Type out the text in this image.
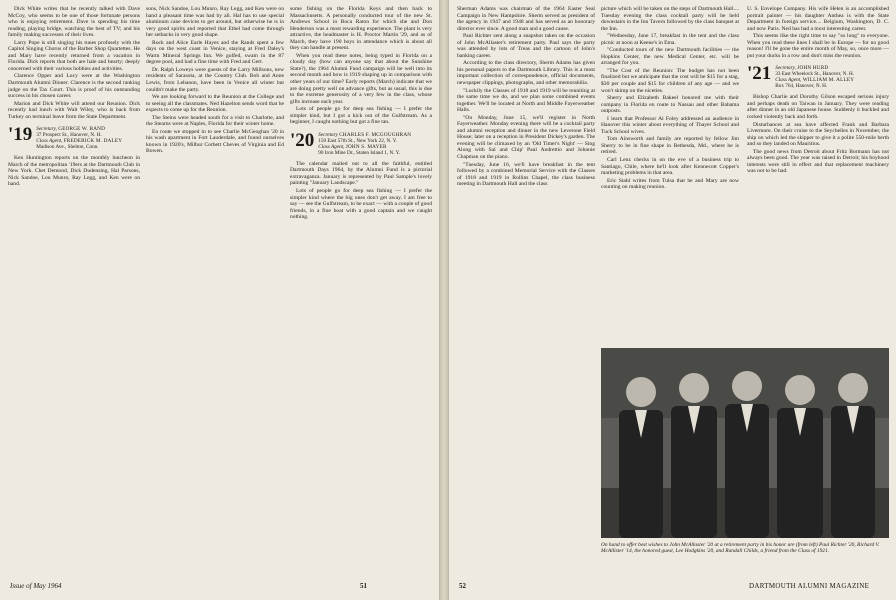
Dick White writes that he recently talked with Dave McCoy, who seems to be one of those fortunate persons who is enjoying retirement. Dave is spending his time reading, playing bridge, watching the best of TV; and his family making successes of their lives.

Larry Pope is still singing his tunes profusely with the Capitol Singing Chorus of the Barber Shop Quartettes. He and Mary have recently returned from a vacation in Florida. Dick reports that both are hale and hearty; deeply concerned with their various hobbies and activities.

Clarence Opper and Lucy were at the Washington Dartmouth Alumni Dinner. Clarence is the second ranking judge on the Tax Court. This is proof of his outstanding success in his chosen career.

Marion and Dick White will attend our Reunion. Dick recently had lunch with Walt Wiley, who is back from Turkey on terminal leave from the State Department.

'19 Secretary, GEORGE W. BAND
37 Prospect St., Hanover, N. H.
Class Agent, FREDERICK M. DALEY
Madison Ave., Shelton, Conn.

Ken Huntington reports on the monthly luncheon in March of the metropolitan '19ers at the Dartmouth Club in New York. Chet Demond, Dick Dudensing, Hal Parsons, Nick Sandoe, Lou Munro, Ray Legg, and Ken were on hand.

sons, Nick Sandoe, Lou Munro, Ray Legg, and Ken were on hand a pleasant time was had by all. Hal has to use special aluminum cane devices to get around, but otherwise he is in very good spirits and reported that Ethel had come through her setbacks in very good shape.

Rock and Alice Earle Hayes and the Rands spent a few days on the west coast in Venice, staying at Fred Daley's Warm Mineral Springs Inn. We golfed, swam in the 87 degree pool, and had a fine time with Fred and Gert.

Dr. Ralph Loweys were guests of the Larry Millsons, new residents of Sarasota, at the Country Club. Bob and Anne Lewis, from Lebanon, have been in Venice all winter but couldn't make the party.

We are looking forward to the Reunion at the College and to seeing all the classmates. Ned Hazelton sends word that he expects to come up for the Reunion.

The Steins were headed south for a visit to Charlotte, and the Stearns were at Naples, Florida for their winter home.

En route we stopped in to see Charlie McGeoghan '20 in his wash apartment in Fort Lauderdale, and found ourselves known in 1920's, Milbur Corbett Cheves of Virginia and Ed Bowen.

some fishing on the Florida Keys and then back to Massachusetts. A personally conducted tour of the new St. Andrews School in Boca Raton for which she and Don Henderson was a most rewarding experience. The plant is very attractive, the headmaster is H. Proctor Martin '29, and as of March, they have 190 boys in attendance which is about all they can handle at present.

When you read these notes, being typed in Florida on a cloudy day (how can anyone say that about the Sunshine State?), the 1964 Alumni Fund campaign will be well into its second month and how is 1919 shaping up in comparison with other years of our time? Early reports (March) indicate that we are doing pretty well on advance gifts, but as usual, this is due to the extreme generosity of a very few in the class, whose gifts increase each year.

Lots of people go for deep sea fishing — I prefer the simpler kind, but I got a kick out of the Gulfstream. As a beginner, I caught nothing but got a fine tan.

'20 Secretary CHARLES F. MCGOUGHRAN
150 East 57th St., New York 22, N. Y.
Class Agent, JOHN S. MAYER
90 Iron Mine Dr., Staten Island 1, N. Y.

The calendar mailed out to all the faithful, entitled Dartmouth Days 1964, by the Alumni Fund is a pictorial extravaganza. January is represented by Paul Sample's lovely painting "January Landscape."

Lots of people go for deep sea fishing — I prefer the simpler kind where the big ones don't get away. I am free to say — see the Gulfstream, to be exact — with a couple of good friends, in a fine boat with a good captain and we caught nothing.

Issue of May 1964	51

Sherman Adams was chairman of the 1964 Easter Seal Campaign in New Hampshire. Sherm served as president of the agency in 1947 and 1948 and has served as an honorary director ever since. A good man and a good cause.

Paul Richter sent along a snapshot taken on the occasion of John McAllaster's retirement party. Paul says the party was attended by lots of Treas and the cartoon of John's banking career.

According to the class directory, Sherm Adams has given his personal papers to the Dartmouth Library. This is a most important collection of correspondence, official documents, newspaper clippings, photographs, and other memorabilia.

"Luckily the Classes of 1918 and 1919 will be reuniting at the same time we do, and we plan some combined events together. We'll be located at North and Middle Fayerweather Halls.

"On Monday, June 15, we'll register in North Fayerweather. Monday evening there will be a cocktail party and alumni reception and dinner in the new Leverone Field House; later on a reception in President Dickey's garden. The evening will be climaxed by an 'Old Timer's Night' — Sing Along with Sal and Chip' Paul Andrettio and Johnnie Chapman on the piano.

"Tuesday, June 16, we'll have breakfast in the tent followed by a combined Memorial Service with the Classes of 1918 and 1919 in Rollins Chapel, the class business meeting in Dartmouth Hall and the class

picture which will be taken on the steps of Dartmouth Hall.... Tuesday evening the class cocktail party will be held downstairs in the Inn Tavern followed by the class banquet at the Inn.

"Wednesday, June 17, breakfast in the tent and the class picnic at noon at Keene's in Etna.

"Conducted tours of the new Dartmouth facilities — the Hopkins Center, the new Medical Center, etc. will be arranged for you.

"The Cost of the Reunion: The budget has not been finalized but we anticipate that the cost will be $15 for a stag, $30 per couple and $15 for children of any age — and we won't skimp on the niceties.

Sherry and Elizabeth Bakeel honored me with their company in Florida en route to Nassau and other Bahama outposts.

I learn that Professor Al Foley addressed an audience in Hanover this winter about everything of Thayer School and Tuck School wives.

Tom Ainsworth and family are reported by fellow Jim Sherry to be in fine shape in Bethesda, Md., where he is retired.

Carl Lenz checks in on the eve of a business trip to Santiago, Chile, where he'll look after Kennecott Copper's marketing problems in that area.

Eric Stahl writes from Tulsa that he and Mary are now counting on making reunion.

U. S. Envelope Company. His wife Helen is an accomplished portrait painter — his daughter Anthea is with the State Department in foreign service.... Belgium, Washington, D. C. and now Paris. Ned has had a most interesting career.

This seems like the right time to say "so long" to everyone. When you read these lines I shall be in Europe — for no good reason! I'll be gone the entire month of May, so, once more — put your ducks in a row and don't miss the reunion.

'21 Secretary, JOHN HURD
33 East Wheelock St., Hanover, N. H.
Class Agent, WILLIAM M. ALLEY
Box 764, Hanover, N. H.

Bishop Charlie and Dorothy Gilson escaped serious injury and perhaps death on Taiwan in January. They were reading after dinner in an old Japanese house. Suddenly it buckled and rocked violently back and forth.

Disturbances at sea have affected Frank and Barbara Livermore. On their cruise to the Seychelles in November, the ship on which led the skipper to give it a polite 550-mile berth and so they landed on Mauritius.

The good news from Detroit about Fritz Bormann has not always been good. The year was raised in Detroit; his boyhood interests were still in effect and that replacement machinery was not to be had.

On hand to offer best wishes to John McAllaster '20 at a retirement party in his honor are (from left) Paul Richter '20, Richard V. McAllister '14, the honored guest, Lee Hodgkins '20, and Randall Childs, a friend from the Class of 1921.
52	DARTMOUTH ALUMNI MAGAZINE
